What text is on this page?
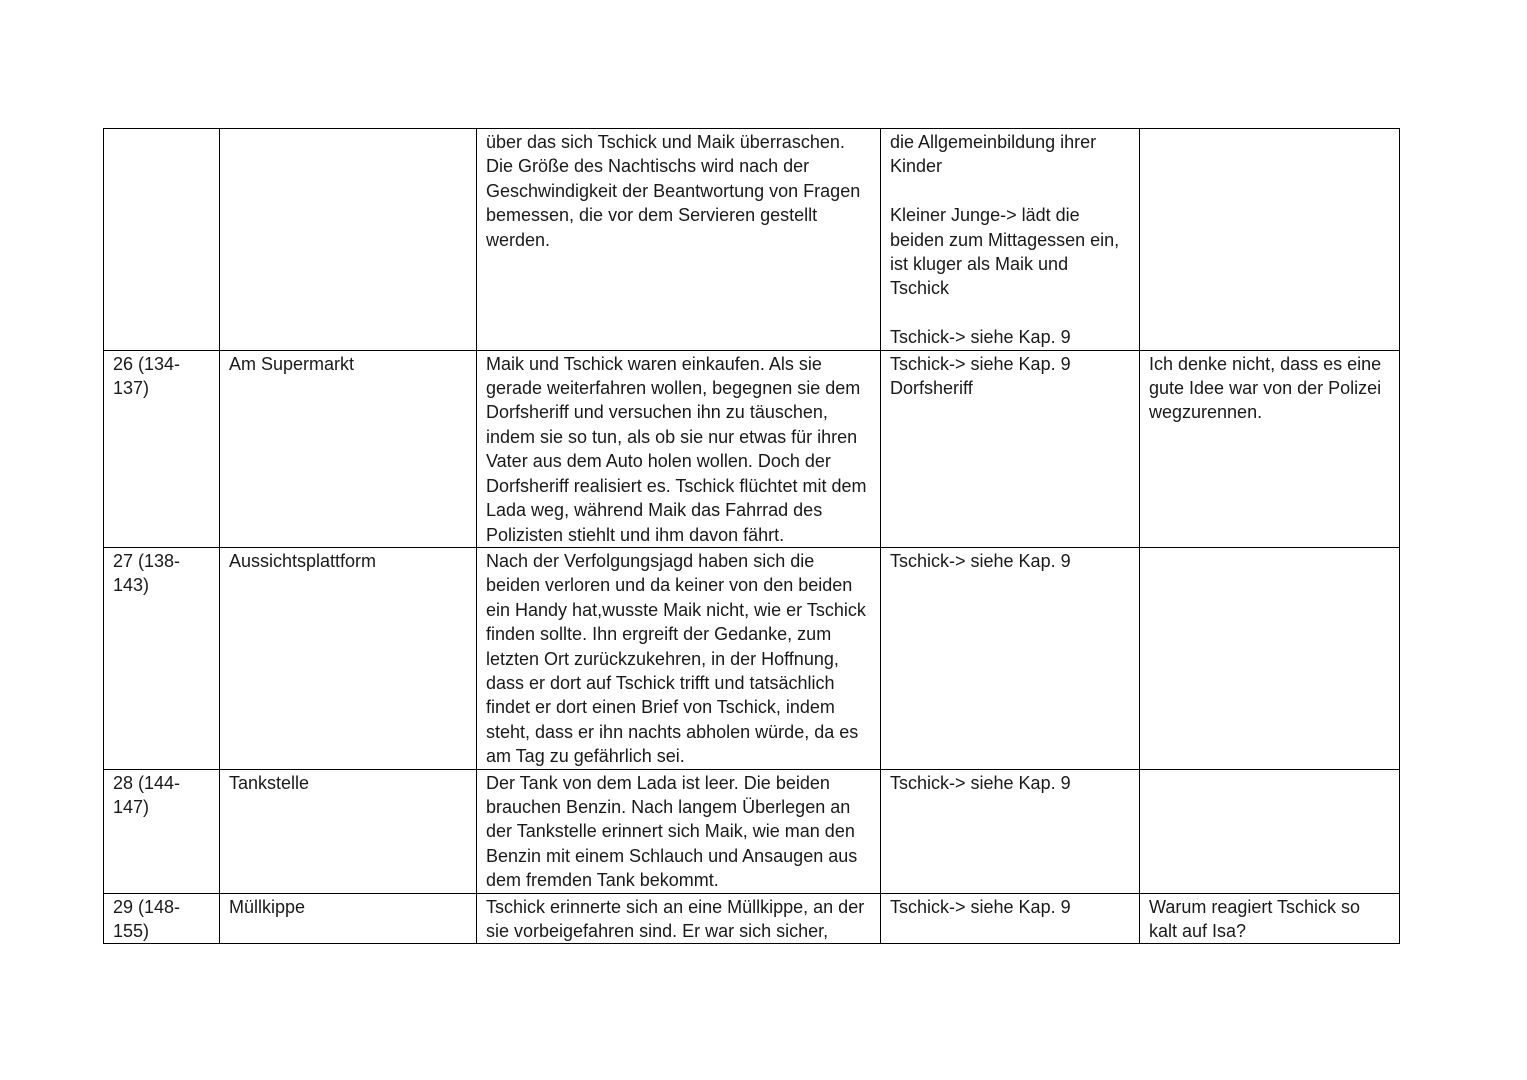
		über das sich Tschick und Maik überraschen.
Die Größe des Nachtischs wird nach der Geschwindigkeit der Beantwortung von Fragen bemessen, die vor dem Servieren gestellt werden.	die Allgemeinbildung ihrer Kinder

Kleiner Junge-> lädt die beiden zum Mittagessen ein, ist kluger als Maik und Tschick

Tschick-> siehe Kap. 9	
26 (134-
137)	Am Supermarkt	Maik und Tschick waren einkaufen. Als sie gerade weiterfahren wollen, begegnen sie dem Dorfsheriff und versuchen ihn zu täuschen, indem sie so tun, als ob sie nur etwas für ihren Vater aus dem Auto holen wollen. Doch der Dorfsheriff realisiert es. Tschick flüchtet mit dem Lada weg, während Maik das Fahrrad des Polizisten stiehlt und ihm davon fährt.	Tschick-> siehe Kap. 9
Dorfsheriff	Ich denke nicht, dass es eine gute Idee war von der Polizei wegzurennen.
27 (138-
143)	Aussichtsplattform	Nach der Verfolgungsjagd haben sich die beiden verloren und da keiner von den beiden ein Handy hat,wusste Maik nicht, wie er Tschick finden sollte. Ihn ergreift der Gedanke, zum letzten Ort zurückzukehren, in der Hoffnung, dass er dort auf Tschick trifft und tatsächlich findet er dort einen Brief von Tschick, indem steht, dass er ihn nachts abholen würde, da es am Tag zu gefährlich sei.	Tschick-> siehe Kap. 9	
28 (144-
147)	Tankstelle	Der Tank von dem Lada ist leer. Die beiden brauchen Benzin. Nach langem Überlegen an der Tankstelle erinnert sich Maik, wie man den Benzin mit einem Schlauch und Ansaugen aus dem fremden Tank bekommt.	Tschick-> siehe Kap. 9	
29 (148-
155)	Müllkippe	Tschick erinnerte sich an eine Müllkippe, an der sie vorbeigefahren sind. Er war sich sicher,	Tschick-> siehe Kap. 9	Warum reagiert Tschick so kalt auf Isa?
